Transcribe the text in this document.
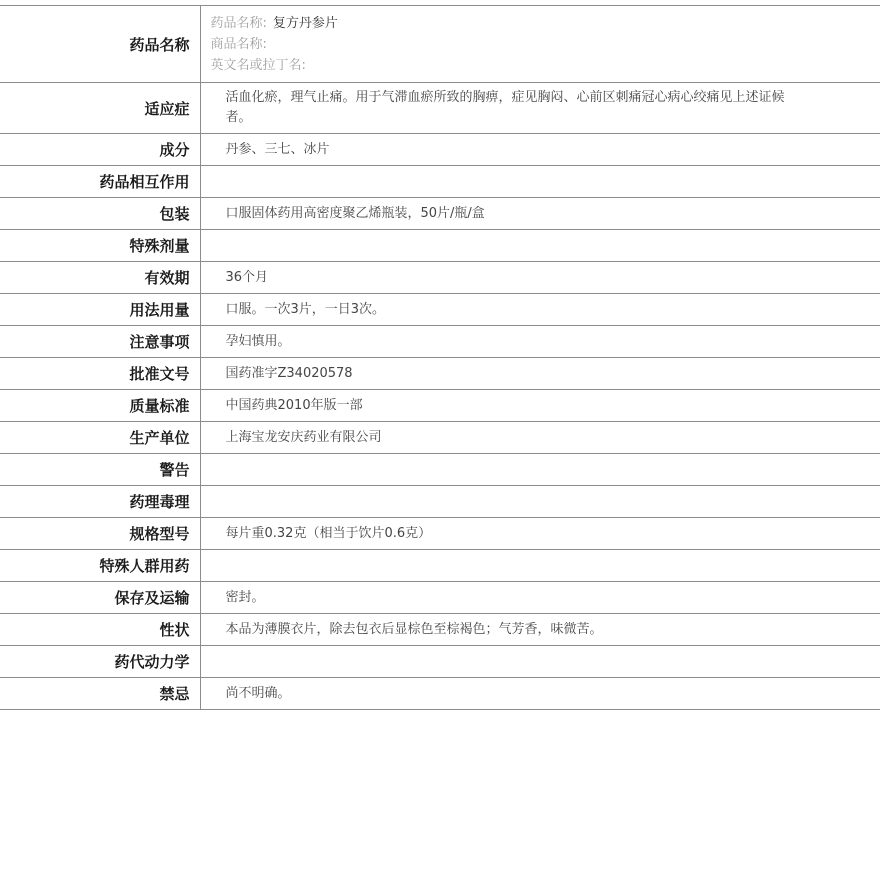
药品名称	药品名称: 复方丹参片
商品名称:
英文名或拉丁名:

适应症	活血化瘀，理气止痛。用于气滞血瘀所致的胸痹，症见胸闷、心前区刺痛冠心病心绞痛见上述证候者。
成分	丹参、三七、冰片
药品相互作用	
包装	口服固体药用高密度聚乙烯瓶装，50片/瓶/盒
特殊剂量	
有效期	36个月
用法用量	口服。一次3片，一日3次。
注意事项	孕妇慎用。
批准文号	国药准字Z34020578
质量标准	中国药典2010年版一部
生产单位	上海宝龙安庆药业有限公司
警告	
药理毒理	
规格型号	每片重0.32克（相当于饮片0.6克）
特殊人群用药	
保存及运输	密封。
性状	本品为薄膜衣片，除去包衣后显棕色至棕褐色；气芳香，味微苦。
药代动力学	
禁忌	尚不明确。
